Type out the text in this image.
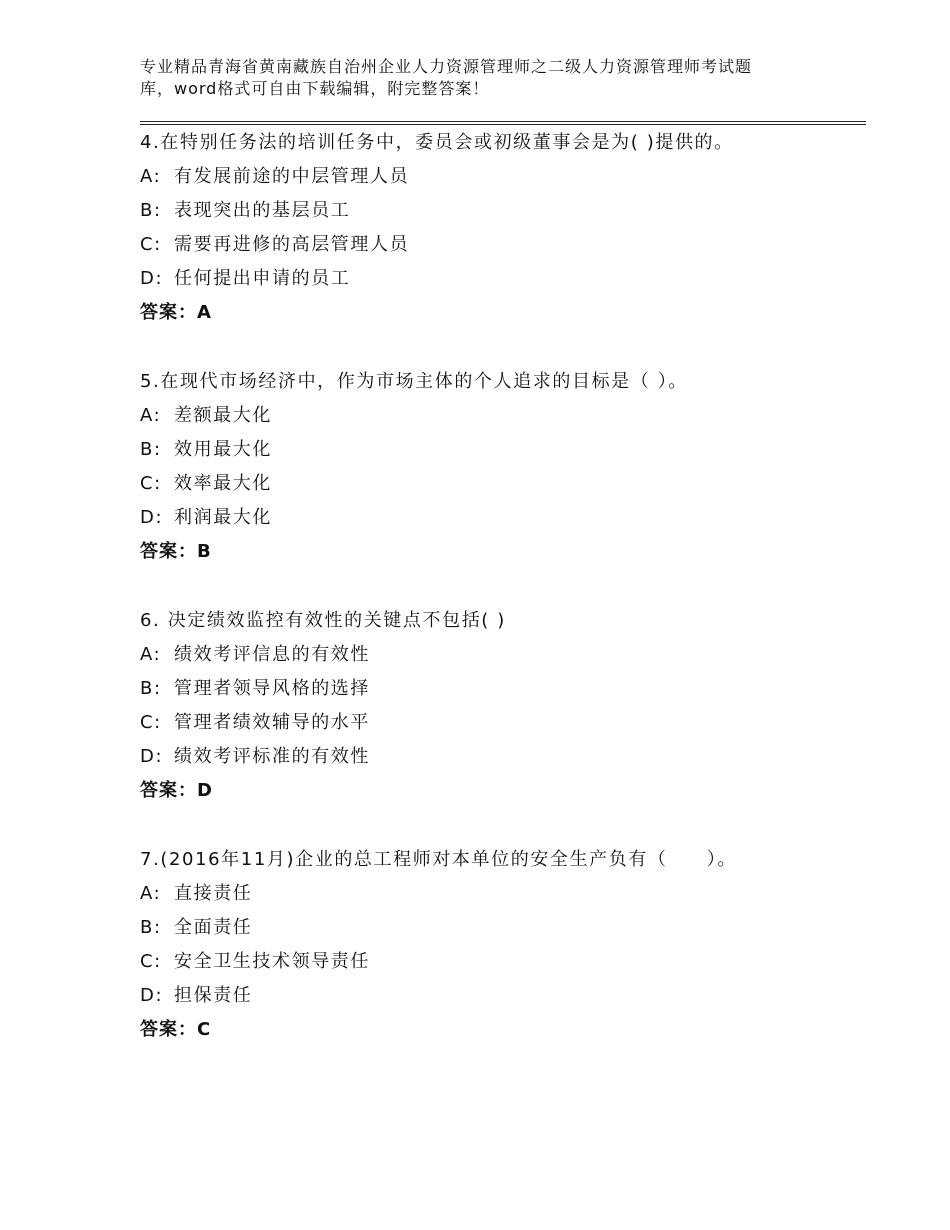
专业精品青海省黄南藏族自治州企业人力资源管理师之二级人力资源管理师考试题
库，word格式可自由下载编辑，附完整答案！
4.在特别任务法的培训任务中，委员会或初级董事会是为( )提供的。
A: 有发展前途的中层管理人员
B: 表现突出的基层员工
C: 需要再进修的高层管理人员
D: 任何提出申请的员工
答案：A
5.在现代市场经济中，作为市场主体的个人追求的目标是（ ）。
A: 差额最大化
B: 效用最大化
C: 效率最大化
D: 利润最大化
答案：B
6. 决定绩效监控有效性的关键点不包括( )
A: 绩效考评信息的有效性
B: 管理者领导风格的选择
C: 管理者绩效辅导的水平
D: 绩效考评标准的有效性
答案：D
7.(2016年11月)企业的总工程师对本单位的安全生产负有（　　）。
A: 直接责任
B: 全面责任
C: 安全卫生技术领导责任
D: 担保责任
答案：C
